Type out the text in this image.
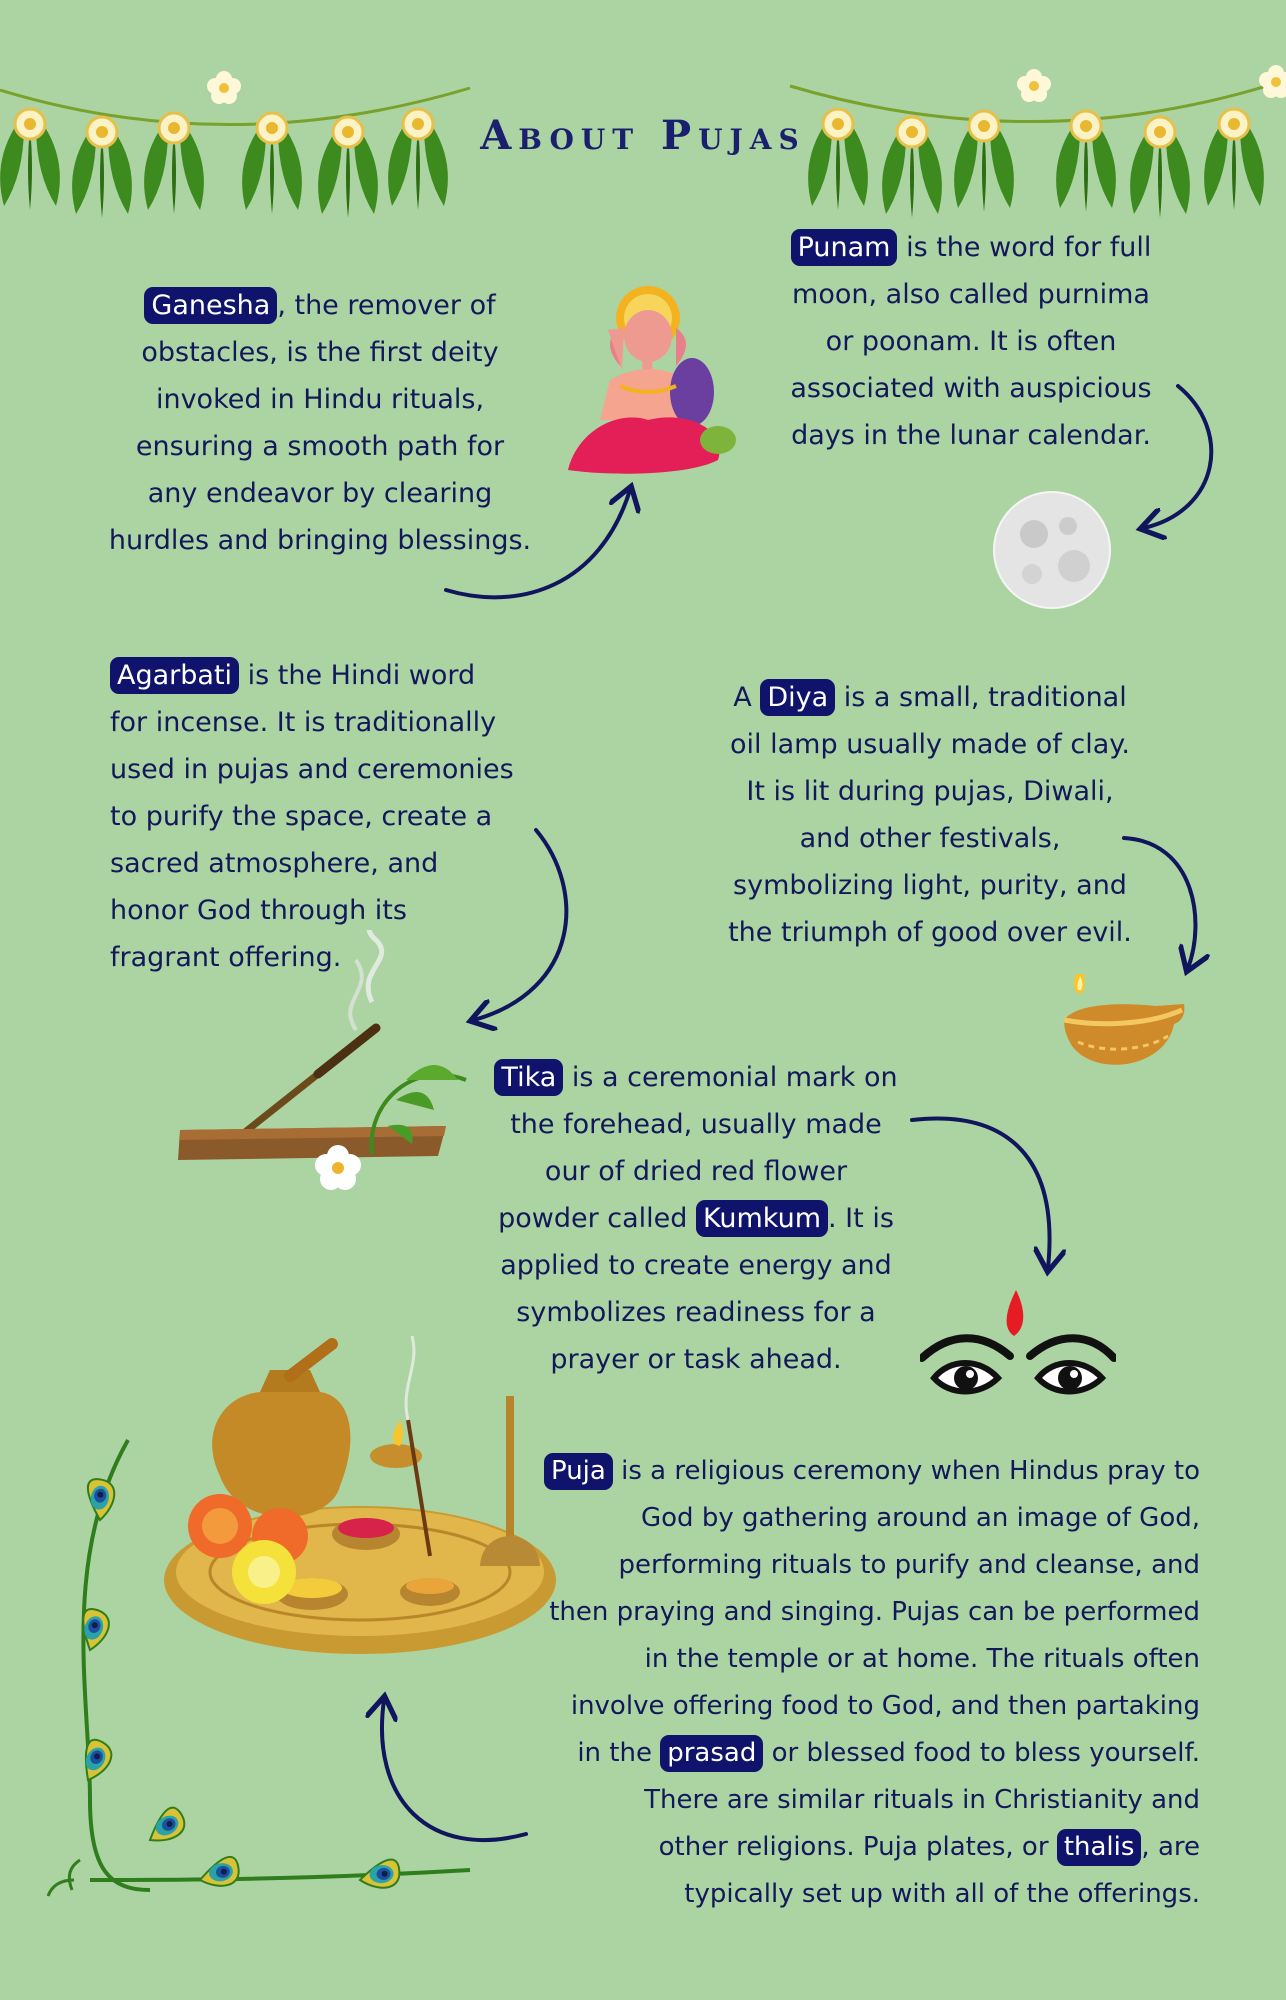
About Pujas

Ganesha , the remover of

obstacles, is the first deity

invoked in Hindu rituals,

ensuring a smooth path for

any endeavor by clearing

hurdles and bringing blessings.

Punam is the word for full

moon, also called purnima

or poonam. It is often

associated with auspicious

days in the lunar calendar.

Agarbati is the Hindi word

for incense. It is traditionally

used in pujas and ceremonies

to purify the space, create a

sacred atmosphere, and

honor God through its

fragrant offering.

A Diya is a small, traditional

oil lamp usually made of clay.

It is lit during pujas, Diwali,

and other festivals,

symbolizing light, purity, and

the triumph of good over evil.

Tika is a ceremonial mark on

the forehead, usually made

our of dried red flower

powder called Kumkum . It is

applied to create energy and

symbolizes readiness for a

prayer or task ahead.

Puja is a religious ceremony when Hindus pray to

God by gathering around an image of God,

performing rituals to purify and cleanse, and

then praying and singing. Pujas can be performed

in the temple or at home. The rituals often

involve offering food to God, and then partaking

in the prasad or blessed food to bless yourself.

There are similar rituals in Christianity and

other religions. Puja plates, or thalis , are

typically set up with all of the offerings.
